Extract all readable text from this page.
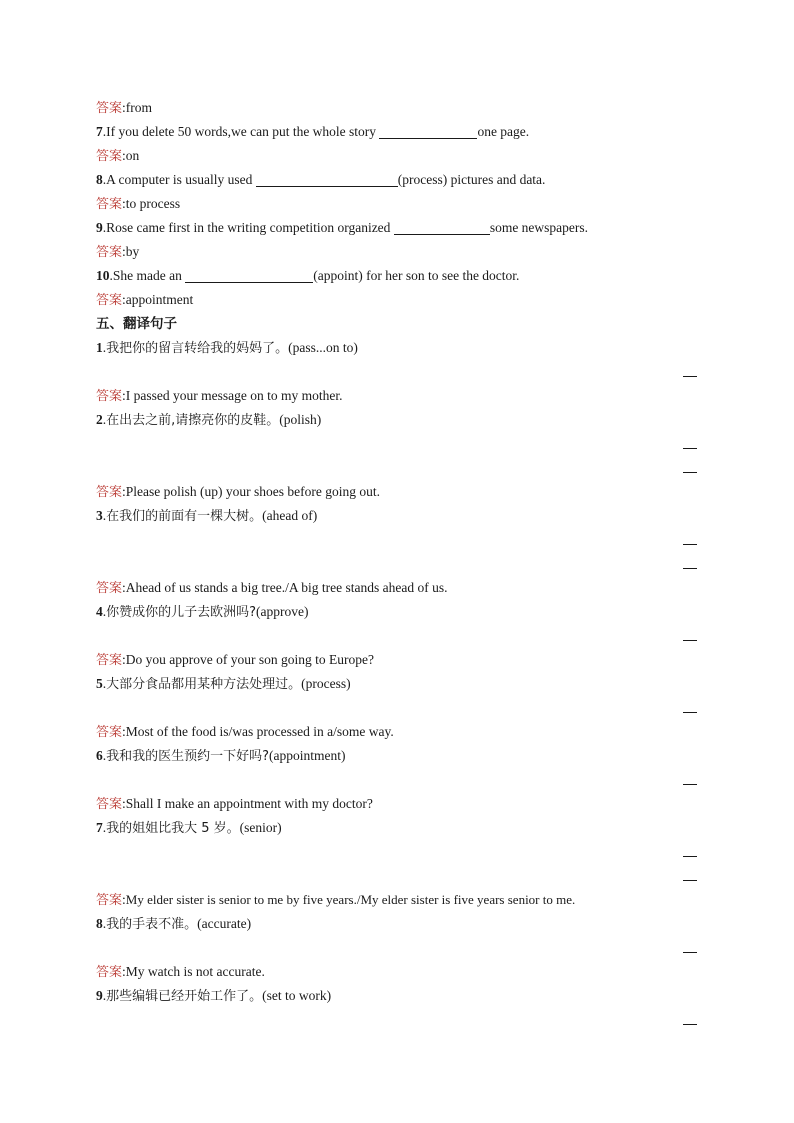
答案:from
7.If you delete 50 words,we can put the whole story	one page.
答案:on
8.A computer is usually used	(process) pictures and data.
答案:to process
9.Rose came first in the writing competition organized	some newspapers.
答案:by
10.She made an	(appoint) for her son to see the doctor.
答案:appointment
五、翻译句子
1.我把你的留言转给我的妈妈了。(pass...on to)
答案:I passed your message on to my mother.
2.在出去之前,请擦亮你的皮鞋。(polish)
答案:Please polish (up) your shoes before going out.
3.在我们的前面有一棵大树。(ahead of)
答案:Ahead of us stands a big tree./A big tree stands ahead of us.
4.你赞成你的儿子去欧洲吗?(approve)
答案:Do you approve of your son going to Europe?
5.大部分食品都用某种方法处理过。(process)
答案:Most of the food is/was processed in a/some way.
6.我和我的医生预约一下好吗?(appointment)
答案:Shall I make an appointment with my doctor?
7.我的姐姐比我大 5 岁。(senior)
答案:My elder sister is senior to me by five years./My elder sister is five years senior to me.
8.我的手表不准。(accurate)
答案:My watch is not accurate.
9.那些编辑已经开始工作了。(set to work)
